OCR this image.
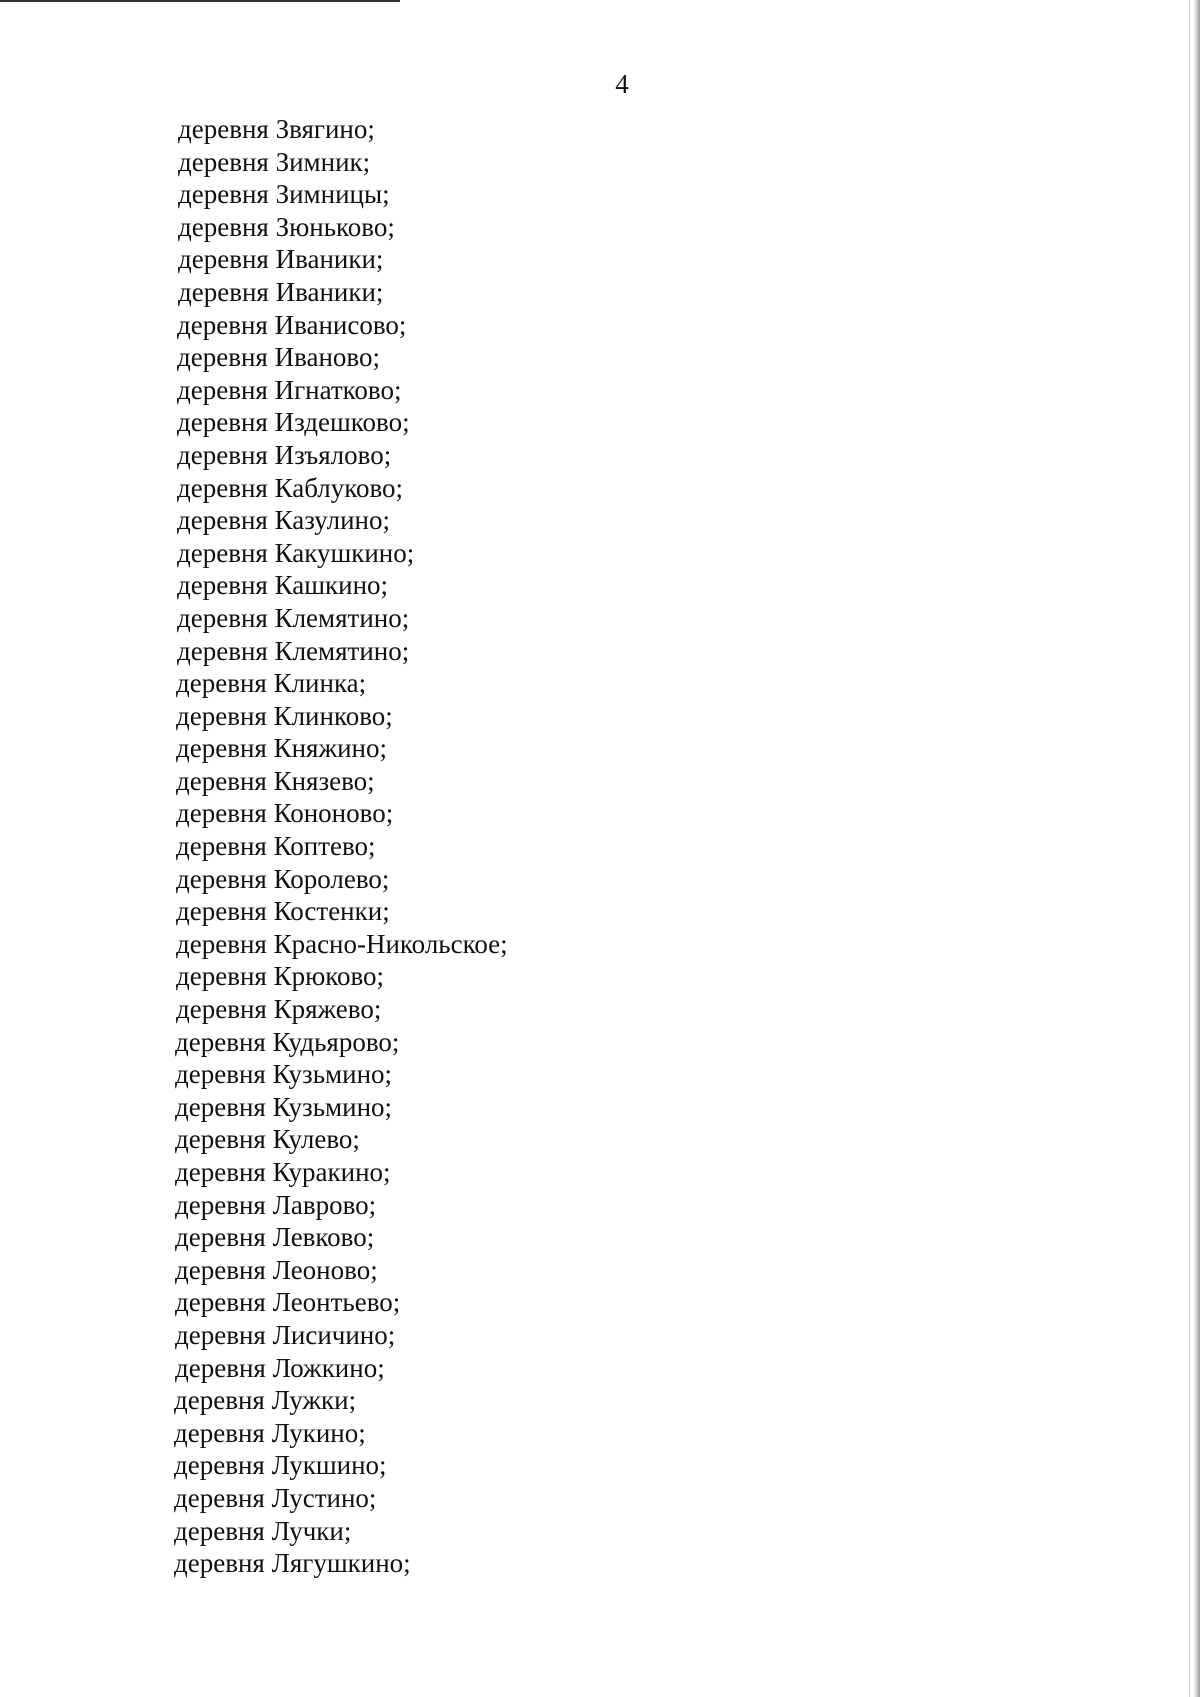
4
деревня Звягино;
деревня Зимник;
деревня Зимницы;
деревня Зюньково;
деревня Иваники;
деревня Иваники;
деревня Иванисово;
деревня Иваново;
деревня Игнатково;
деревня Издешково;
деревня Изъялово;
деревня Каблуково;
деревня Казулино;
деревня Какушкино;
деревня Кашкино;
деревня Клемятино;
деревня Клемятино;
деревня Клинка;
деревня Клинково;
деревня Княжино;
деревня Князево;
деревня Кононово;
деревня Коптево;
деревня Королево;
деревня Костенки;
деревня Красно-Никольское;
деревня Крюково;
деревня Кряжево;
деревня Кудьярово;
деревня Кузьмино;
деревня Кузьмино;
деревня Кулево;
деревня Куракино;
деревня Лаврово;
деревня Левково;
деревня Леоново;
деревня Леонтьево;
деревня Лисичино;
деревня Ложкино;
деревня Лужки;
деревня Лукино;
деревня Лукшино;
деревня Лустино;
деревня Лучки;
деревня Лягушкино;
